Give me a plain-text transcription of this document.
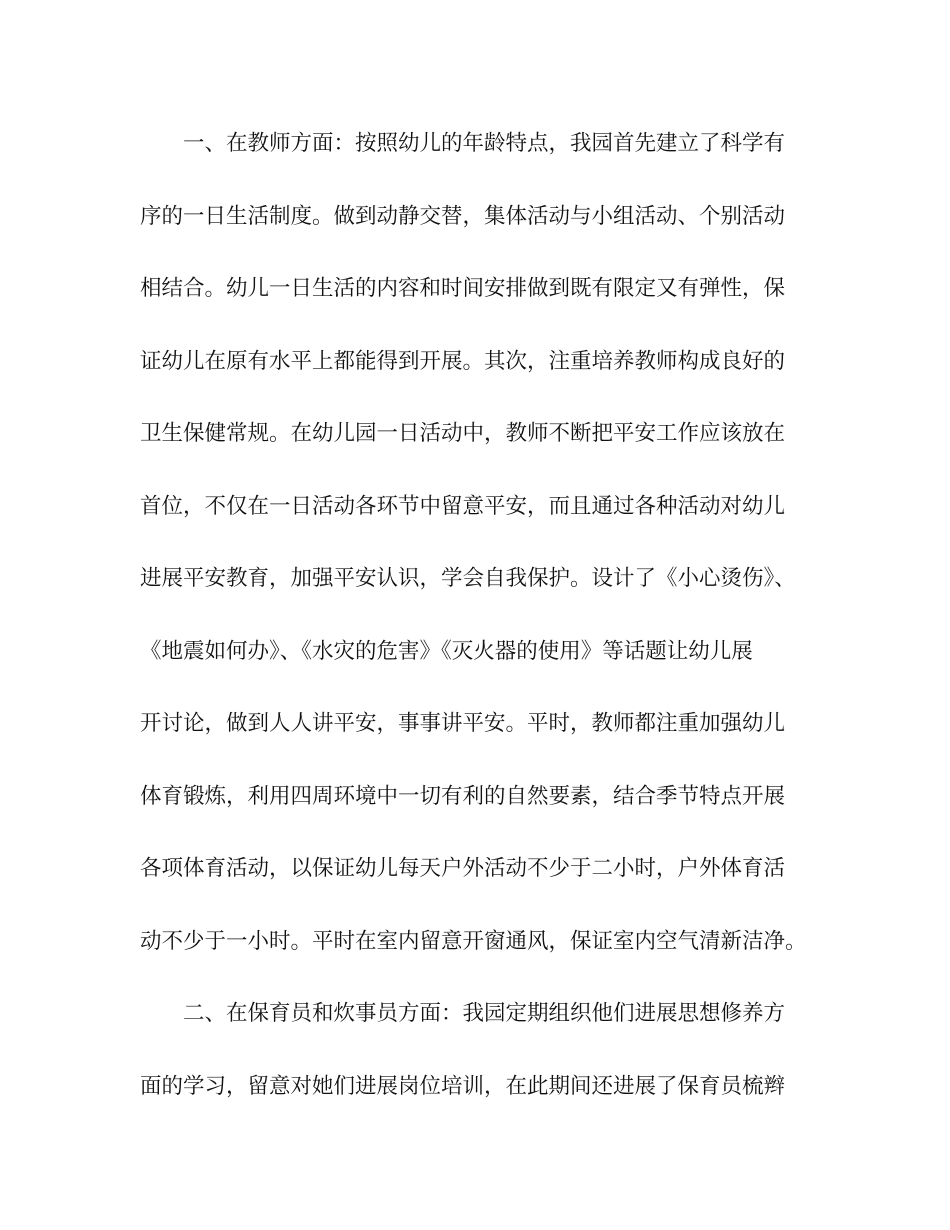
一、在教师方面：按照幼儿的年龄特点，我园首先建立了科学有
序的一日生活制度。做到动静交替，集体活动与小组活动、个别活动
相结合。幼儿一日生活的内容和时间安排做到既有限定又有弹性，保
证幼儿在原有水平上都能得到开展。其次，注重培养教师构成良好的
卫生保健常规。在幼儿园一日活动中，教师不断把平安工作应该放在
首位，不仅在一日活动各环节中留意平安，而且通过各种活动对幼儿
进展平安教育，加强平安认识，学会自我保护。设计了《小心烫伤》、
《地震如何办》、《水灾的危害》《灭火器的使用》等话题让幼儿展
开讨论，做到人人讲平安，事事讲平安。平时，教师都注重加强幼儿
体育锻炼，利用四周环境中一切有利的自然要素，结合季节特点开展
各项体育活动，以保证幼儿每天户外活动不少于二小时，户外体育活
动不少于一小时。平时在室内留意开窗通风，保证室内空气清新洁净。
二、在保育员和炊事员方面：我园定期组织他们进展思想修养方
面的学习，留意对她们进展岗位培训，在此期间还进展了保育员梳辫
